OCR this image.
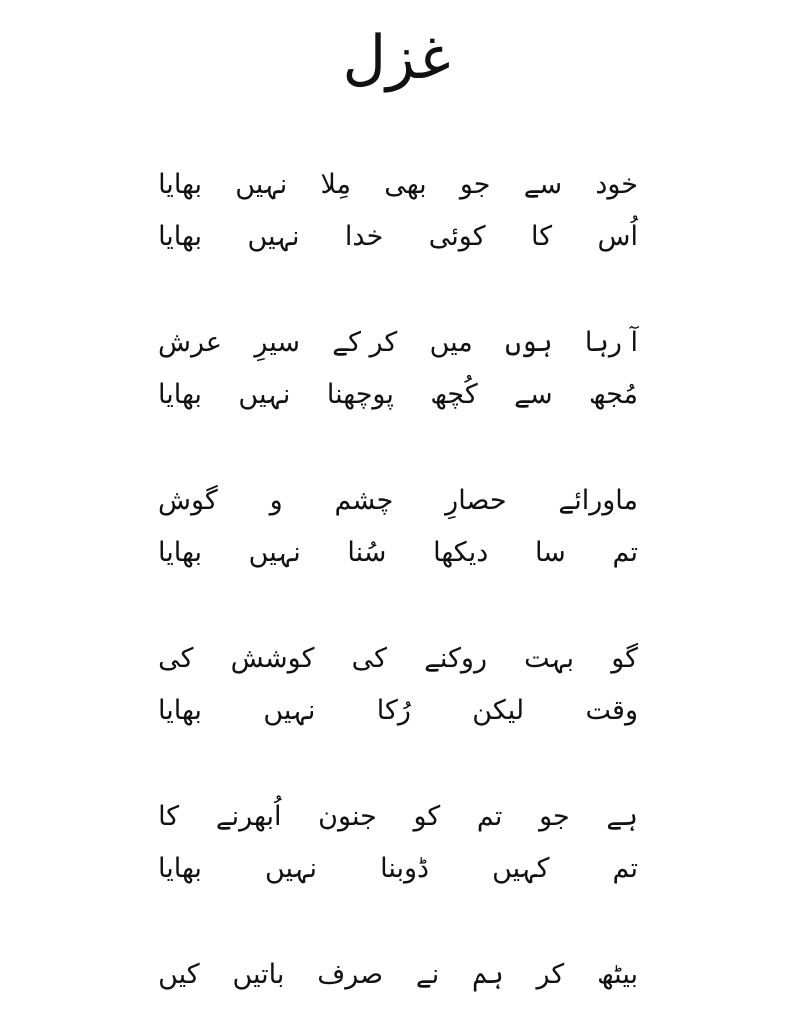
غزل
خود
سے
جو
بھی
مِلا
نہیں
بھایا
اُس
کا
کوئی
خدا
نہیں
بھایا
آ رہا
ہوں
میں
کر کے
سیرِ
عرش
مُجھ
سے
کُچھ
پوچھنا
نہیں
بھایا
ماورائے
حصارِ
چشم
و
گوش
تم
سا
دیکھا
سُنا
نہیں
بھایا
گو
بہت
روکنے
کی
کوشش
کی
وقت
لیکن
رُکا
نہیں
بھایا
ہے
جو
تم
کو
جنون
اُبھرنے
کا
تم
کہیں
ڈوبنا
نہیں
بھایا
بیٹھ
کر
ہم
نے
صرف
باتیں
کیں
